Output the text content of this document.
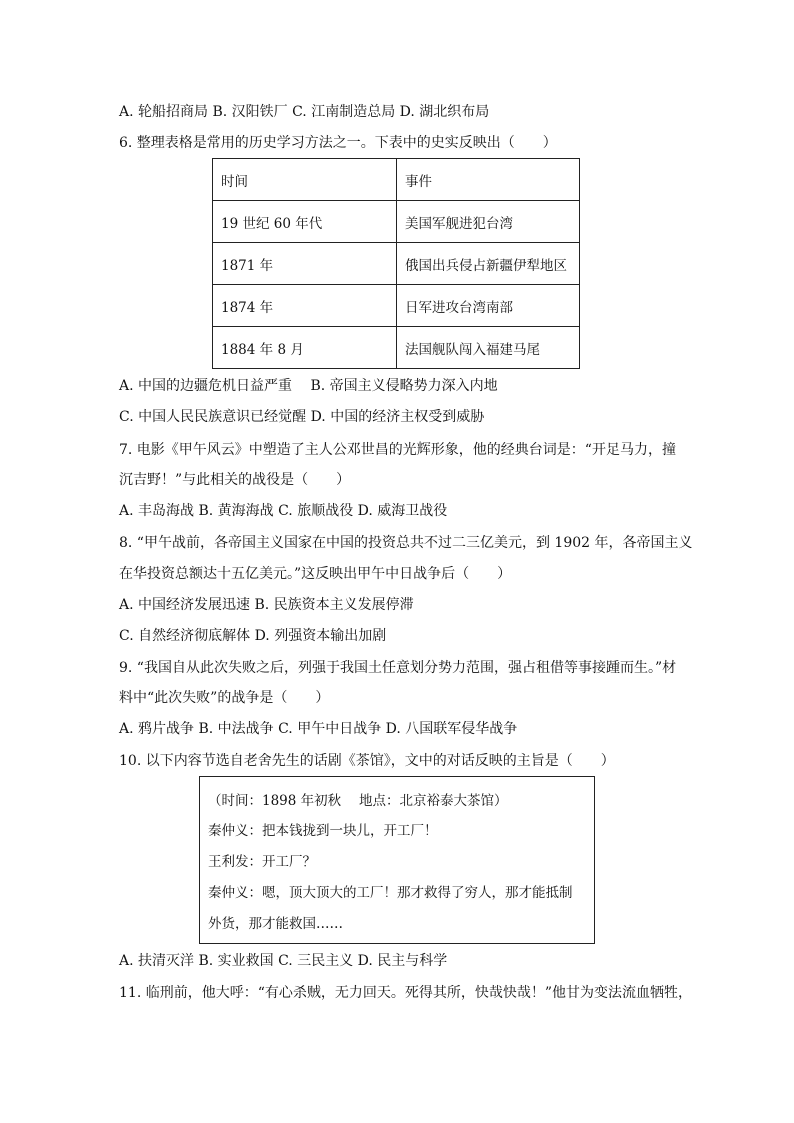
A. 轮船招商局 B. 汉阳铁厂 C. 江南制造总局 D. 湖北织布局
6. 整理表格是常用的历史学习方法之一。下表中的史实反映出（　　）
时间	事件
19 世纪 60 年代	美国军舰进犯台湾
1871 年	俄国出兵侵占新疆伊犁地区
1874 年	日军进攻台湾南部
1884 年 8 月	法国舰队闯入福建马尾
A. 中国的边疆危机日益严重　 B. 帝国主义侵略势力深入内地
C. 中国人民民族意识已经觉醒 D. 中国的经济主权受到威胁
7. 电影《甲午风云》中塑造了主人公邓世昌的光辉形象，他的经典台词是：“开足马力，撞
沉吉野！”与此相关的战役是（　　）
A. 丰岛海战 B. 黄海海战 C. 旅顺战役 D. 威海卫战役
8. “甲午战前，各帝国主义国家在中国的投资总共不过二三亿美元，到 1902 年，各帝国主义
在华投资总额达十五亿美元。”这反映出甲午中日战争后（　　）
A. 中国经济发展迅速 B. 民族资本主义发展停滞
C. 自然经济彻底解体 D. 列强资本输出加剧
9. “我国自从此次失败之后，列强于我国土任意划分势力范围，强占租借等事接踵而生。”材
料中“此次失败”的战争是（　　）
A. 鸦片战争 B. 中法战争 C. 甲午中日战争 D. 八国联军侵华战争
10. 以下内容节选自老舍先生的话剧《茶馆》，文中的对话反映的主旨是（　　）
（时间：1898 年初秋　 地点：北京裕泰大茶馆）
秦仲义：把本钱拢到一块儿，开工厂！
王利发：开工厂？
秦仲义：嗯，顶大顶大的工厂！那才救得了穷人，那才能抵制
外货，那才能救国……
A. 扶清灭洋 B. 实业救国 C. 三民主义 D. 民主与科学
11. 临刑前，他大呼：“有心杀贼，无力回天。死得其所，快哉快哉！”他甘为变法流血牺牲，
